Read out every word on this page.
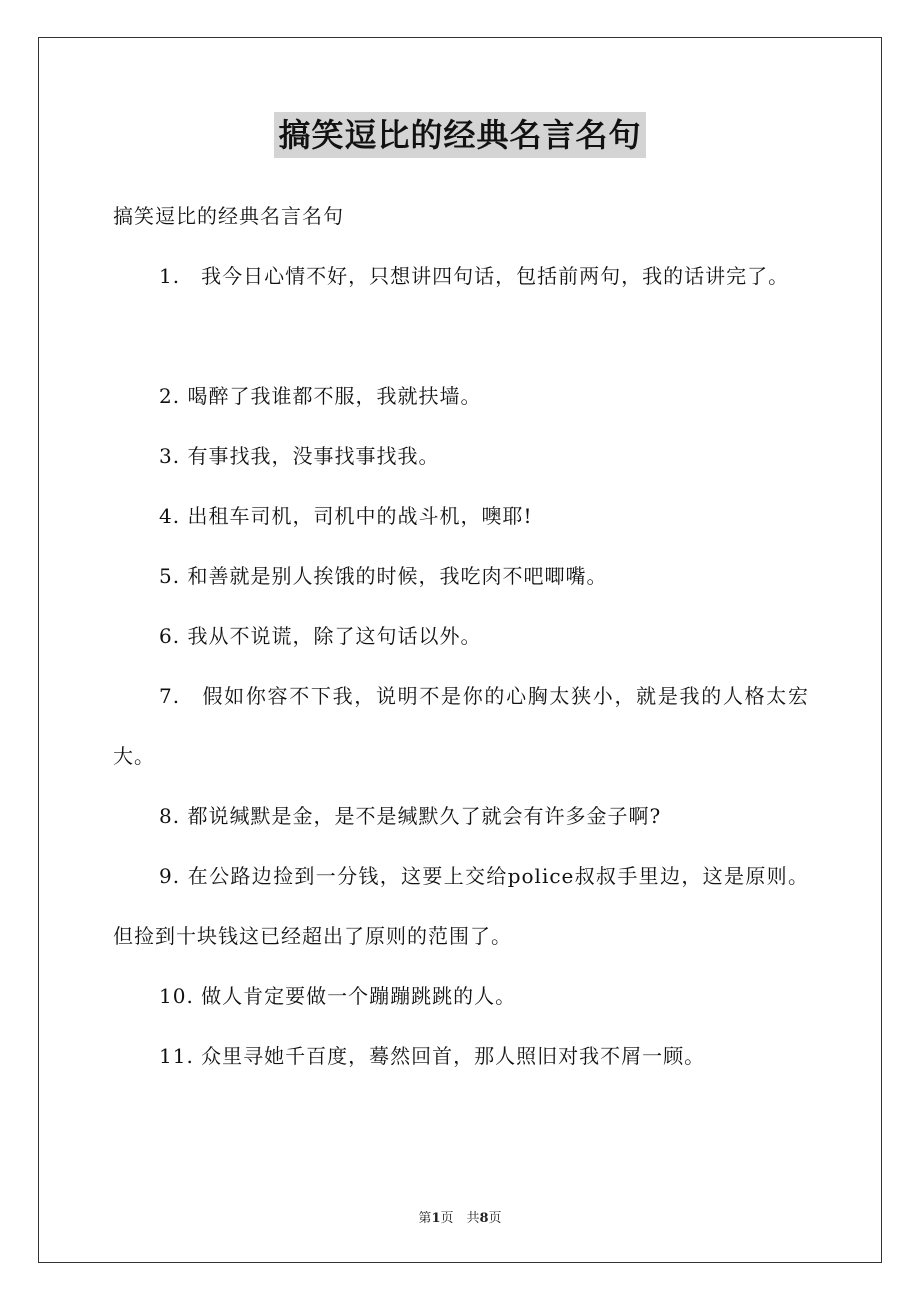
搞笑逗比的经典名言名句

搞笑逗比的经典名言名句

1.　我今日心情不好，只想讲四句话，包括前两句，我的话讲完了。

2. 喝醉了我谁都不服，我就扶墙。

3. 有事找我，没事找事找我。

4. 出租车司机，司机中的战斗机，噢耶!

5. 和善就是别人挨饿的时候，我吃肉不吧唧嘴。

6. 我从不说谎，除了这句话以外。

7.　假如你容不下我，说明不是你的心胸太狭小，就是我的人格太宏大。

8. 都说缄默是金，是不是缄默久了就会有许多金子啊?

9. 在公路边捡到一分钱，这要上交给police叔叔手里边，这是原则。但捡到十块钱这已经超出了原则的范围了。

10. 做人肯定要做一个蹦蹦跳跳的人。

11. 众里寻她千百度，蓦然回首，那人照旧对我不屑一顾。

第1页　共8页
